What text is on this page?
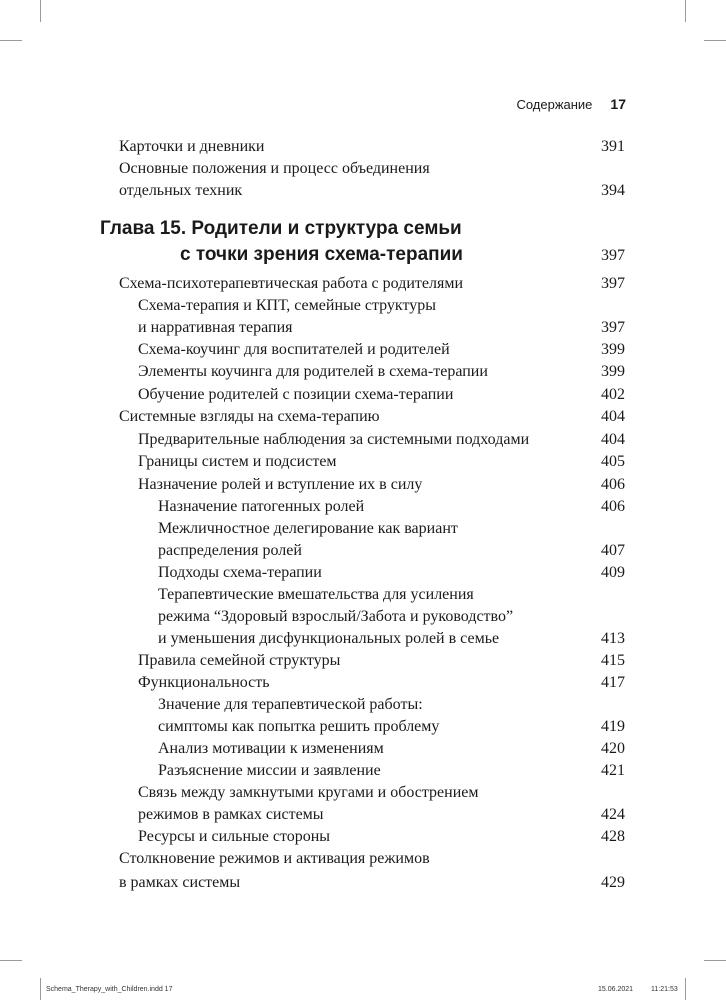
Содержание 17
Карточки и дневники	391
Основные положения и процесс объединения
отдельных техник	394
Глава 15. Родители и структура семьи
с точки зрения схема-терапии	397
Схема-психотерапевтическая работа с родителями	397
Схема-терапия и КПТ, семейные структуры
и нарративная терапия	397
Схема-коучинг для воспитателей и родителей	399
Элементы коучинга для родителей в схема-терапии	399
Обучение родителей с позиции схема-терапии	402
Системные взгляды на схема-терапию	404
Предварительные наблюдения за системными подходами	404
Границы систем и подсистем	405
Назначение ролей и вступление их в силу	406
Назначение патогенных ролей	406
Межличностное делегирование как вариант
распределения ролей	407
Подходы схема-терапии	409
Терапевтические вмешательства для усиления
режима “Здоровый взрослый/Забота и руководство”
и уменьшения дисфункциональных ролей в семье	413
Правила семейной структуры	415
Функциональность	417
Значение для терапевтической работы:
симптомы как попытка решить проблему	419
Анализ мотивации к изменениям	420
Разъяснение миссии и заявление	421
Связь между замкнутыми кругами и обострением
режимов в рамках системы	424
Ресурсы и сильные стороны	428
Столкновение режимов и активация режимов
в рамках системы	429
Schema_Therapy_with_Children.indd 17	15.06.2021	11:21:53
